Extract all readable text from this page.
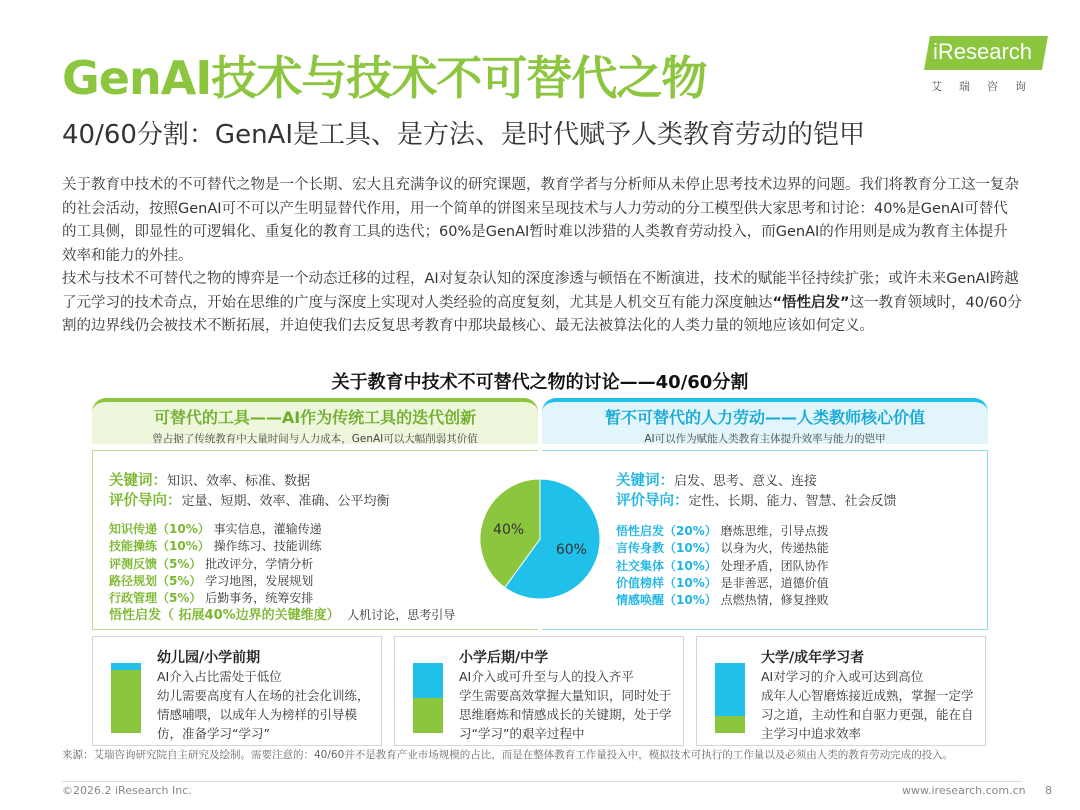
GenAI技术与技术不可替代之物
40/60分割：GenAI是工具、是方法、是时代赋予人类教育劳动的铠甲
iResearch
艾瑞咨询

关于教育中技术的不可替代之物是一个长期、宏大且充满争议的研究课题，教育学者与分析师从未停止思考技术边界的问题。我们将教育分工这一复杂的社会活动，按照GenAI可不可以产生明显替代作用，用一个简单的饼图来呈现技术与人力劳动的分工模型供大家思考和讨论：40%是GenAI可替代的工具侧，即显性的可逻辑化、重复化的教育工具的迭代；60%是GenAI暂时难以涉猎的人类教育劳动投入，而GenAI的作用则是成为教育主体提升效率和能力的外挂。

技术与技术不可替代之物的博弈是一个动态迁移的过程，AI对复杂认知的深度渗透与顿悟在不断演进，技术的赋能半径持续扩张；或许未来GenAI跨越了元学习的技术奇点，开始在思维的广度与深度上实现对人类经验的高度复刻，尤其是人机交互有能力深度触达“悟性启发”这一教育领域时，40/60分割的边界线仍会被技术不断拓展，并迫使我们去反复思考教育中那块最核心、最无法被算法化的人类力量的领地应该如何定义。

关于教育中技术不可替代之物的讨论——40/60分割
可替代的工具——AI作为传统工具的迭代创新
曾占据了传统教育中大量时间与人力成本，GenAI可以大幅削弱其价值
暂不可替代的人力劳动——人类教师核心价值
AI可以作为赋能人类教育主体提升效率与能力的铠甲
关键词：知识、效率、标准、数据
评价导向：定量、短期、效率、准确、公平均衡
知识传递（10%） 事实信息，灌输传递
技能操练（10%） 操作练习、技能训练
评测反馈（5%） 批改评分，学情分析
路径规划（5%） 学习地图，发展规划
行政管理（5%） 后勤事务，统筹安排
悟性启发（ 拓展40%边界的关键维度） 人机讨论，思考引导
关键词：启发、思考、意义、连接
评价导向：定性、长期、能力、智慧、社会反馈
悟性启发（20%） 磨炼思维，引导点拨
言传身教（10%） 以身为火，传递热能
社交集体（10%） 处理矛盾，团队协作
价值榜样（10%） 是非善恶，道德价值
情感唤醒（10%） 点燃热情，修复挫败
60%
40%
幼儿园/小学前期
AI介入占比需处于低位
幼儿需要高度有人在场的社会化训练，情感哺喂，以成年人为榜样的引导模仿，准备学习“学习”
小学后期/中学
AI介入或可升至与人的投入齐平
学生需要高效掌握大量知识，同时处于思维磨炼和情感成长的关键期，处于学习“学习”的艰辛过程中
大学/成年学习者
AI对学习的介入或可达到高位
成年人心智磨炼接近成熟，掌握一定学习之道，主动性和自驱力更强，能在自主学习中追求效率
来源：艾瑞咨询研究院自主研究及绘制。需要注意的：40/60并不是教育产业市场规模的占比，而是在整体教育工作量投入中，模拟技术可执行的工作量以及必须由人类的教育劳动完成的投入。
©2026.2 iResearch Inc.	www.iresearch.com.cn 8
